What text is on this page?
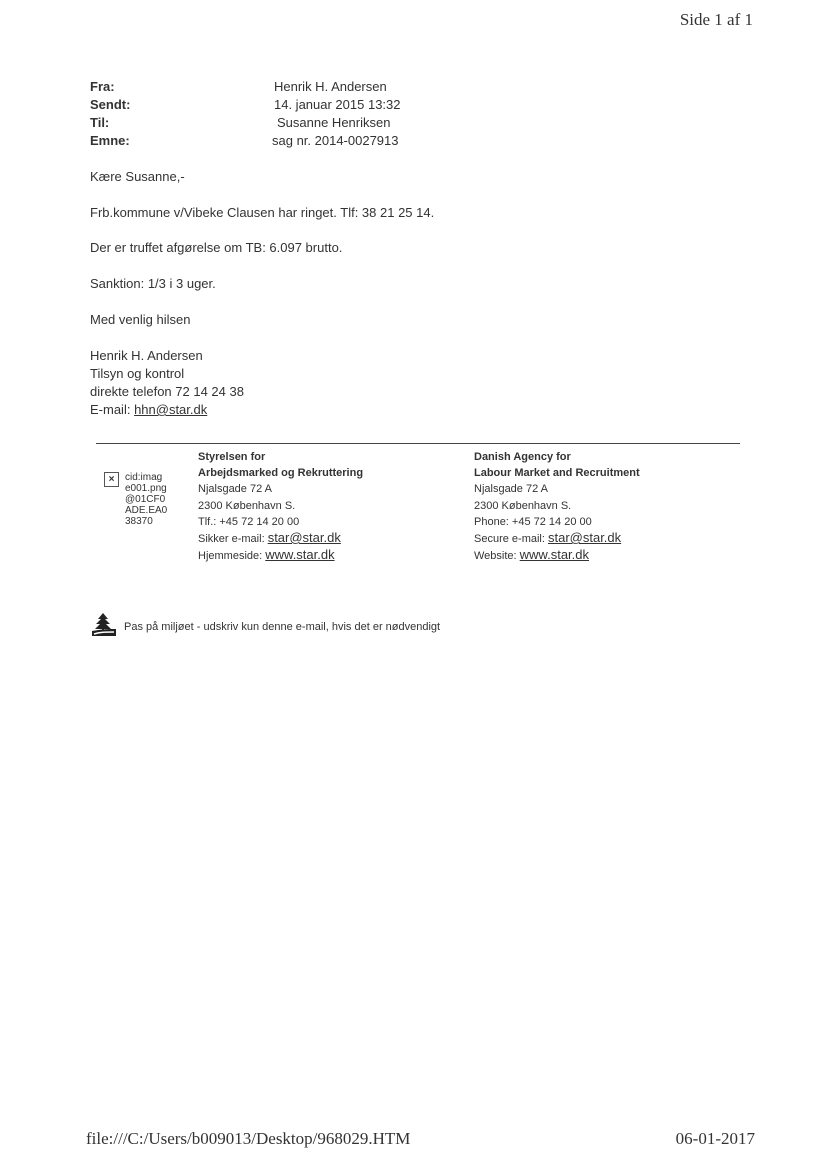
Side 1 af 1
Fra:	Henrik H. Andersen
Sendt:	14. januar 2015 13:32
Til:	Susanne Henriksen
Emne:	sag nr. 2014-0027913
Kære Susanne,-
Frb.kommune v/Vibeke Clausen har ringet. Tlf: 38 21 25 14.
Der er truffet afgørelse om TB: 6.097 brutto.
Sanktion: 1/3 i 3 uger.
Med venlig hilsen
Henrik H. Andersen
Tilsyn og kontrol
direkte telefon 72 14 24 38
E-mail: hhn@star.dk
×	cid:imag
e001.png
@01CF0
ADE.EA0
38370
Styrelsen for
Arbejdsmarked og Rekruttering
Njalsgade 72 A
2300 København S.
Tlf.: +45 72 14 20 00
Sikker e-mail: star@star.dk
Hjemmeside: www.star.dk
Danish Agency for
Labour Market and Recruitment
Njalsgade 72 A
2300 København S.
Phone: +45 72 14 20 00
Secure e-mail: star@star.dk
Website: www.star.dk
Pas på miljøet - udskriv kun denne e-mail, hvis det er nødvendigt
file:///C:/Users/b009013/Desktop/968029.HTM	06-01-2017
